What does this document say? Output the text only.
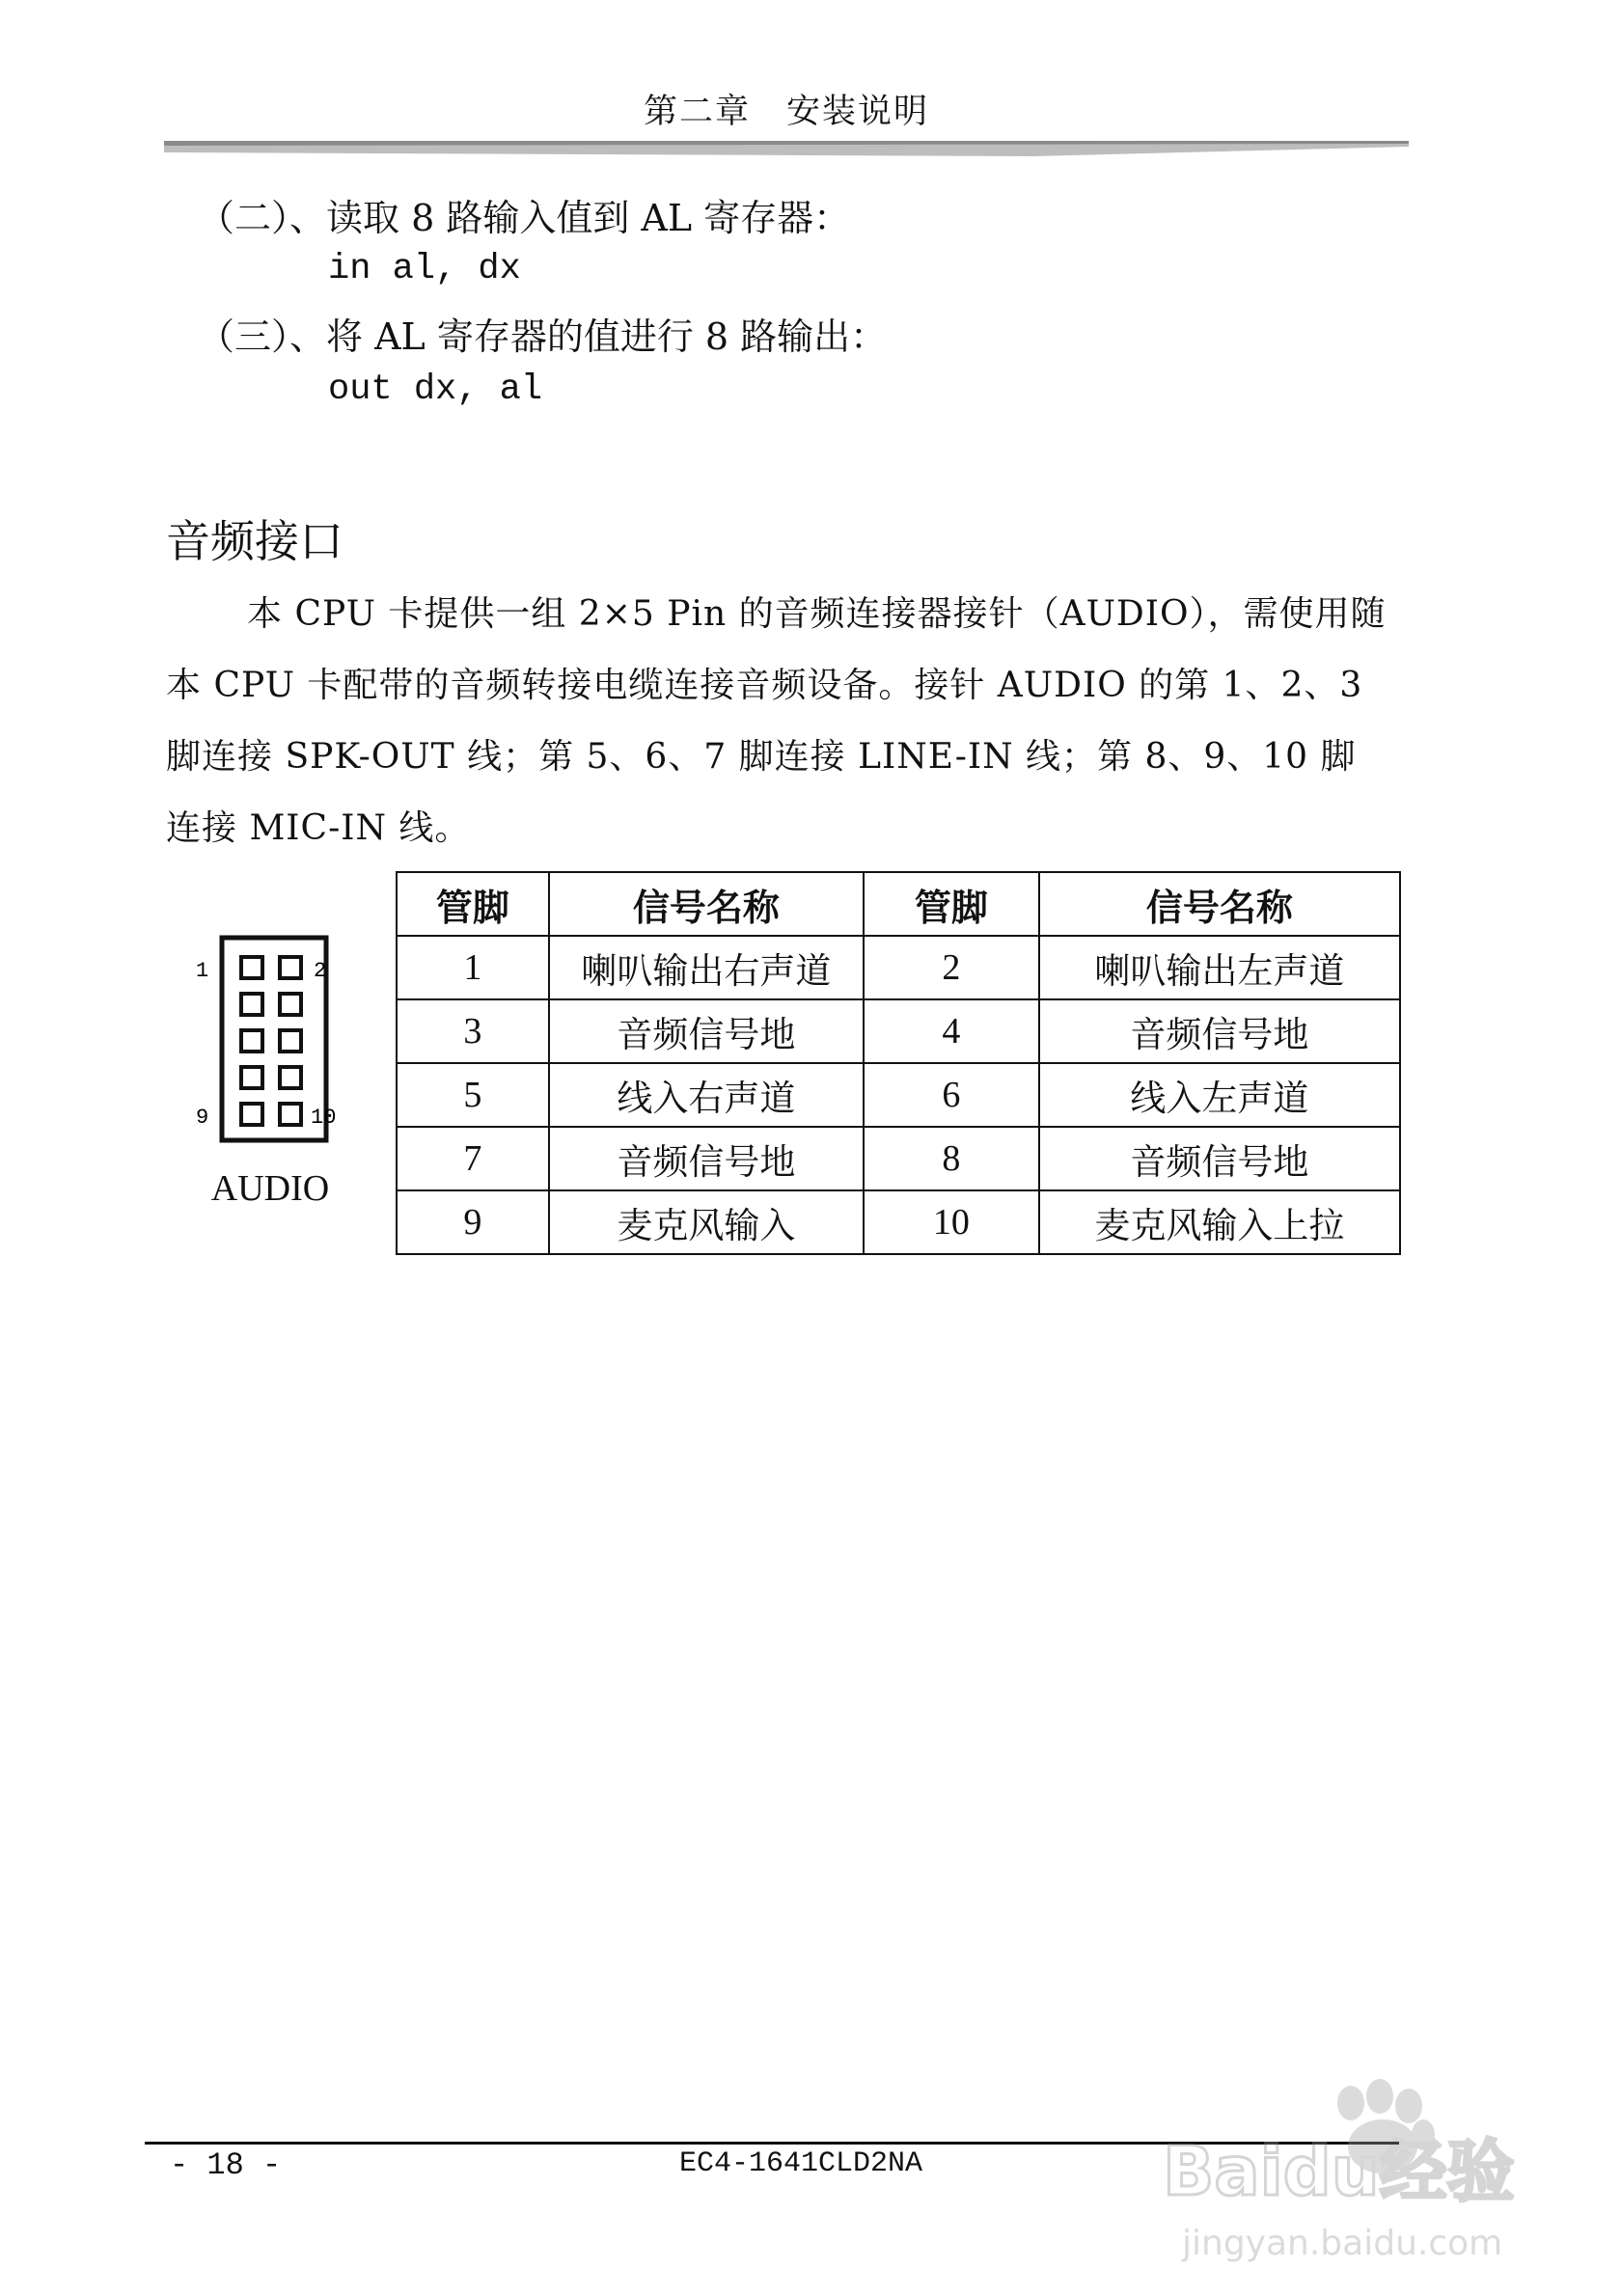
第二章　安装说明
（二）、读取 8 路输入值到 AL 寄存器：
in al, dx
（三）、将 AL 寄存器的值进行 8 路输出：
out dx, al
音频接口

本 CPU 卡提供一组 2×5 Pin 的音频连接器接针（AUDIO），需使用随本 CPU 卡配带的音频转接电缆连接音频设备。接针 AUDIO 的第 1、2、3 脚连接 SPK-OUT 线；第 5、6、7 脚连接 LINE-IN 线；第 8、9、10 脚连接 MIC-IN 线。

1	2
9	10
AUDIO
管脚	信号名称	管脚	信号名称
1	喇叭输出右声道	2	喇叭输出左声道
3	音频信号地	4	音频信号地
5	线入右声道	6	线入左声道
7	音频信号地	8	音频信号地
9	麦克风输入	10	麦克风输入上拉
- 18 -	EC4-1641CLD2NA	Baidu经验
jingyan.baidu.com
